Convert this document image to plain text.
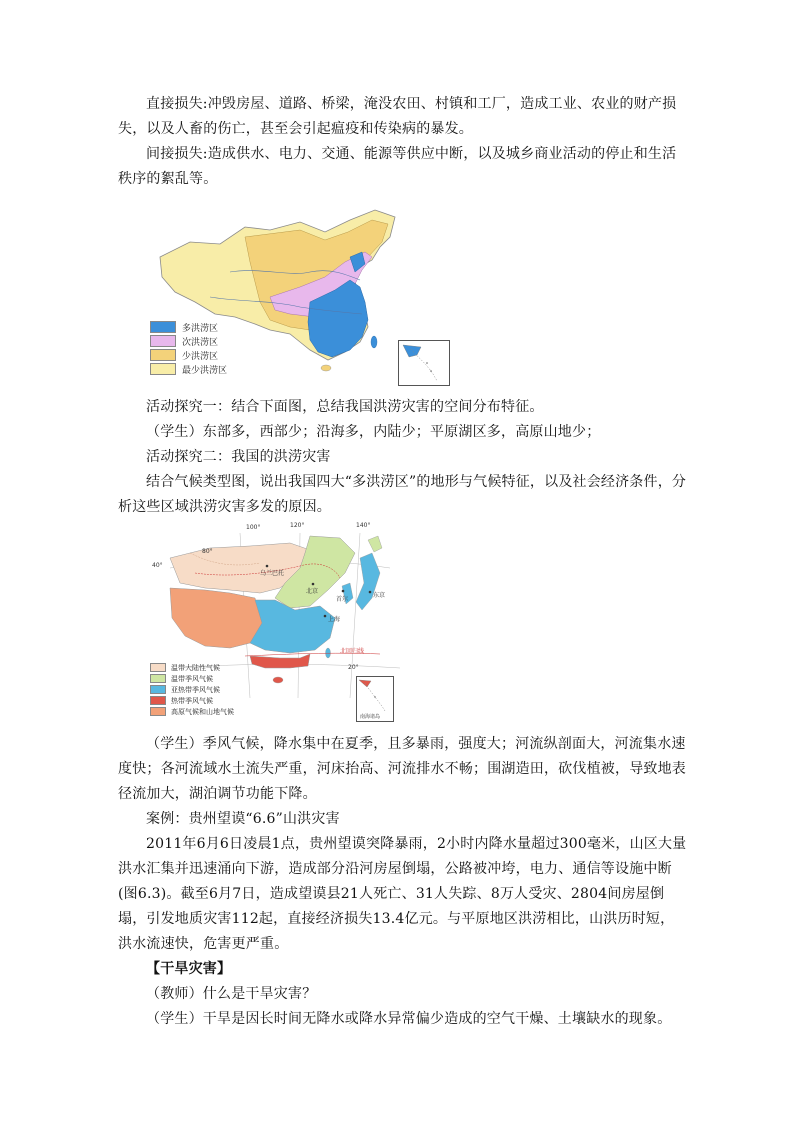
直接损失:冲毁房屋、道路、桥梁，淹没农田、村镇和工厂，造成工业、农业的财产损失，以及人畜的伤亡，甚至会引起瘟疫和传染病的暴发。

间接损失:造成供水、电力、交通、能源等供应中断，以及城乡商业活动的停止和生活秩序的絮乱等。

多洪涝区
次洪涝区
少洪涝区
最少洪涝区

活动探究一：结合下面图，总结我国洪涝灾害的空间分布特征。

（学生）东部多，西部少；沿海多，内陆少；平原湖区多，高原山地少；

活动探究二：我国的洪涝灾害

结合气候类型图，说出我国四大“多洪涝区”的地形与气候特征，以及社会经济条件，分析这些区域洪涝灾害多发的原因。

100°	120°	140°
80°
40°
20°
乌兰巴托
北京
上海
东京
首尔
北回归线
温带大陆性气候
温带季风气候
亚热带季风气候
热带季风气候
高原气候和山地气候
南海诸岛

（学生）季风气候，降水集中在夏季，且多暴雨，强度大；河流纵剖面大，河流集水速度快；各河流域水土流失严重，河床抬高、河流排水不畅；围湖造田，砍伐植被，导致地表径流加大，湖泊调节功能下降。

案例：贵州望谟“6.6”山洪灾害

2011年6月6日凌晨1点，贵州望谟突降暴雨，2小时内降水量超过300毫米，山区大量洪水汇集并迅速涌向下游，造成部分沿河房屋倒塌，公路被冲垮，电力、通信等设施中断(图6.3)。截至6月7日，造成望谟县21人死亡、31人失踪、8万人受灾、2804间房屋倒塌，引发地质灾害112起，直接经济损失13.4亿元。与平原地区洪涝相比，山洪历时短，洪水流速快，危害更严重。

【干旱灾害】

（教师）什么是干旱灾害？

（学生）干旱是因长时间无降水或降水异常偏少造成的空气干燥、土壤缺水的现象。
